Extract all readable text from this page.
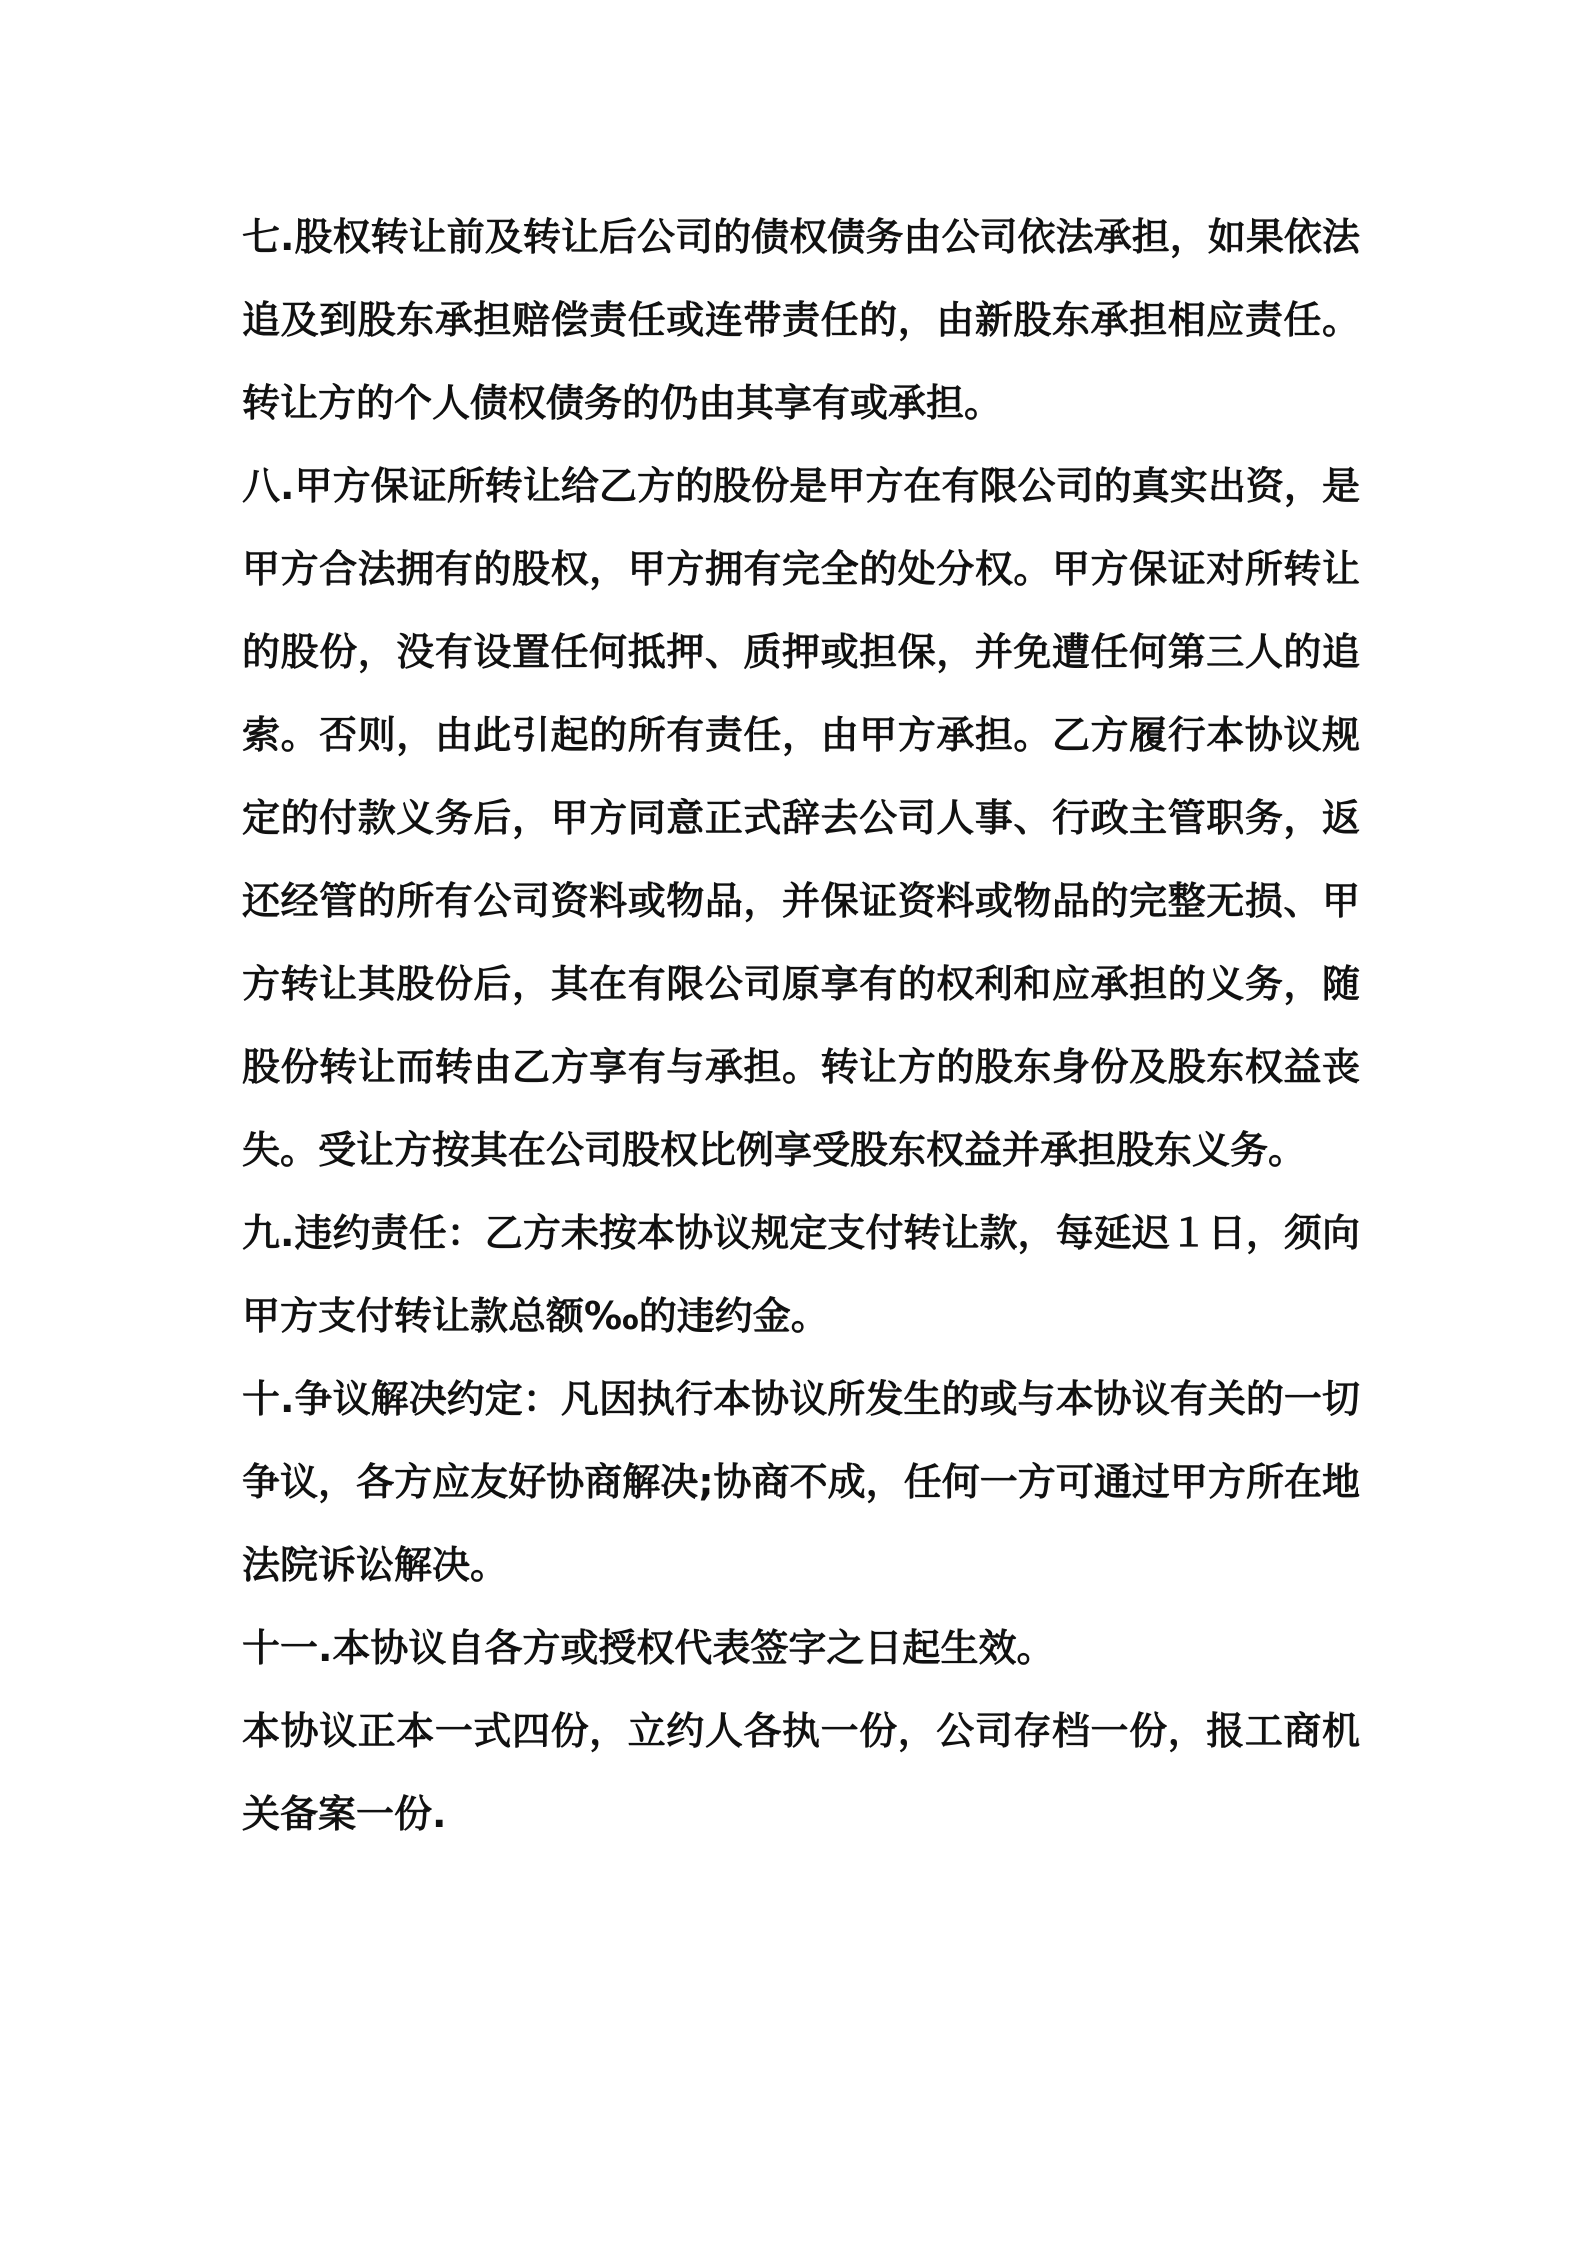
七.股权转让前及转让后公司的债权债务由公司依法承担，如果依法追及到股东承担赔偿责任或连带责任的，由新股东承担相应责任。转让方的个人债权债务的仍由其享有或承担。

八.甲方保证所转让给乙方的股份是甲方在有限公司的真实出资，是甲方合法拥有的股权，甲方拥有完全的处分权。甲方保证对所转让的股份，没有设置任何抵押、质押或担保，并免遭任何第三人的追索。否则，由此引起的所有责任，由甲方承担。乙方履行本协议规定的付款义务后，甲方同意正式辞去公司人事、行政主管职务，返还经管的所有公司资料或物品，并保证资料或物品的完整无损、甲方转让其股份后，其在有限公司原享有的权利和应承担的义务，随股份转让而转由乙方享有与承担。转让方的股东身份及股东权益丧失。受让方按其在公司股权比例享受股东权益并承担股东义务。

九.违约责任：乙方未按本协议规定支付转让款，每延迟１日，须向甲方支付转让款总额‰的违约金。

十.争议解决约定：凡因执行本协议所发生的或与本协议有关的一切争议，各方应友好协商解决;协商不成，任何一方可通过甲方所在地法院诉讼解决。

十一.本协议自各方或授权代表签字之日起生效。

本协议正本一式四份，立约人各执一份，公司存档一份，报工商机关备案一份.
